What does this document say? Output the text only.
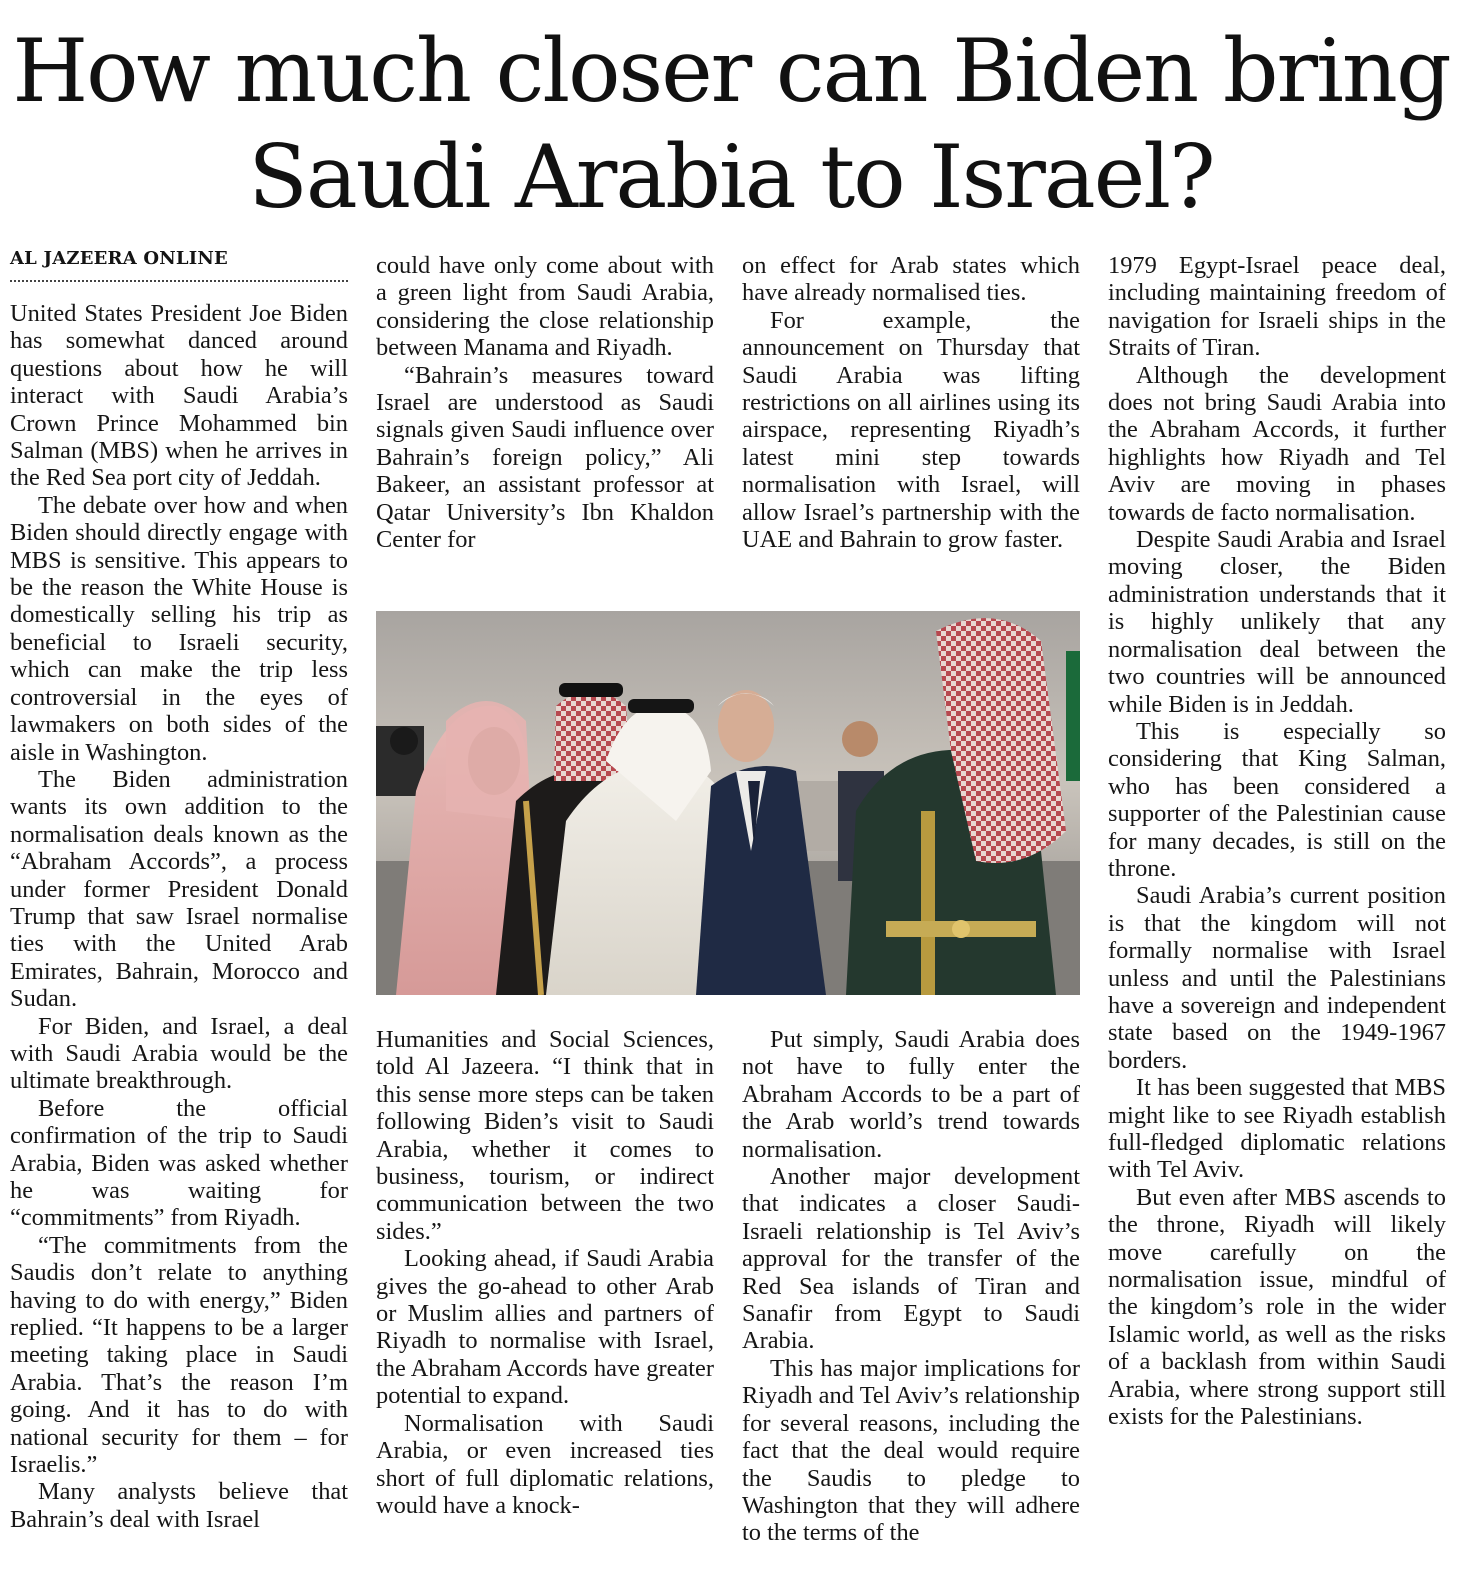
How much closer can Biden bring Saudi Arabia to Israel?
AL JAZEERA ONLINE

United States President Joe Biden has somewhat danced around questions about how he will interact with Saudi Arabia’s Crown Prince Mohammed bin Salman (MBS) when he arrives in the Red Sea port city of Jeddah.

The debate over how and when Biden should directly engage with MBS is sensitive. This appears to be the reason the White House is domestically selling his trip as beneficial to Israeli security, which can make the trip less controversial in the eyes of lawmakers on both sides of the aisle in Washington.

The Biden administration wants its own addition to the normalisation deals known as the “Abraham Accords”, a process under former President Donald Trump that saw Israel normalise ties with the United Arab Emirates, Bahrain, Morocco and Sudan.

For Biden, and Israel, a deal with Saudi Arabia would be the ultimate breakthrough.

Before the official confirmation of the trip to Saudi Arabia, Biden was asked whether he was waiting for “commitments” from Riyadh.

“The commitments from the Saudis don’t relate to anything having to do with energy,” Biden replied. “It happens to be a larger meeting taking place in Saudi Arabia. That’s the reason I’m going. And it has to do with national security for them – for Israelis.”

Many analysts believe that Bahrain’s deal with Israel

could have only come about with a green light from Saudi Arabia, considering the close relationship between Manama and Riyadh.

“Bahrain’s measures toward Israel are understood as Saudi signals given Saudi influence over Bahrain’s foreign policy,” Ali Bakeer, an assistant professor at Qatar University’s Ibn Khaldon Center for

on effect for Arab states which have already normalised ties.

For example, the announcement on Thursday that Saudi Arabia was lifting restrictions on all airlines using its airspace, representing Riyadh’s latest mini step towards normalisation with Israel, will allow Israel’s partnership with the UAE and Bahrain to grow faster.

Humanities and Social Sciences, told Al Jazeera. “I think that in this sense more steps can be taken following Biden’s visit to Saudi Arabia, whether it comes to business, tourism, or indirect communication between the two sides.”

Looking ahead, if Saudi Arabia gives the go-ahead to other Arab or Muslim allies and partners of Riyadh to normalise with Israel, the Abraham Accords have greater potential to expand.

Normalisation with Saudi Arabia, or even increased ties short of full diplomatic relations, would have a knock-

Put simply, Saudi Arabia does not have to fully enter the Abraham Accords to be a part of the Arab world’s trend towards normalisation.

Another major development that indicates a closer Saudi-Israeli relationship is Tel Aviv’s approval for the transfer of the Red Sea islands of Tiran and Sanafir from Egypt to Saudi Arabia.

This has major implications for Riyadh and Tel Aviv’s relationship for several reasons, including the fact that the deal would require the Saudis to pledge to Washington that they will adhere to the terms of the

1979 Egypt-Israel peace deal, including maintaining freedom of navigation for Israeli ships in the Straits of Tiran.

Although the development does not bring Saudi Arabia into the Abraham Accords, it further highlights how Riyadh and Tel Aviv are moving in phases towards de facto normalisation.

Despite Saudi Arabia and Israel moving closer, the Biden administration understands that it is highly unlikely that any normalisation deal between the two countries will be announced while Biden is in Jeddah.

This is especially so considering that King Salman, who has been considered a supporter of the Palestinian cause for many decades, is still on the throne.

Saudi Arabia’s current position is that the kingdom will not formally normalise with Israel unless and until the Palestinians have a sovereign and independent state based on the 1949-1967 borders.

It has been suggested that MBS might like to see Riyadh establish full-fledged diplomatic relations with Tel Aviv.

But even after MBS ascends to the throne, Riyadh will likely move carefully on the normalisation issue, mindful of the kingdom’s role in the wider Islamic world, as well as the risks of a backlash from within Saudi Arabia, where strong support still exists for the Palestinians.
